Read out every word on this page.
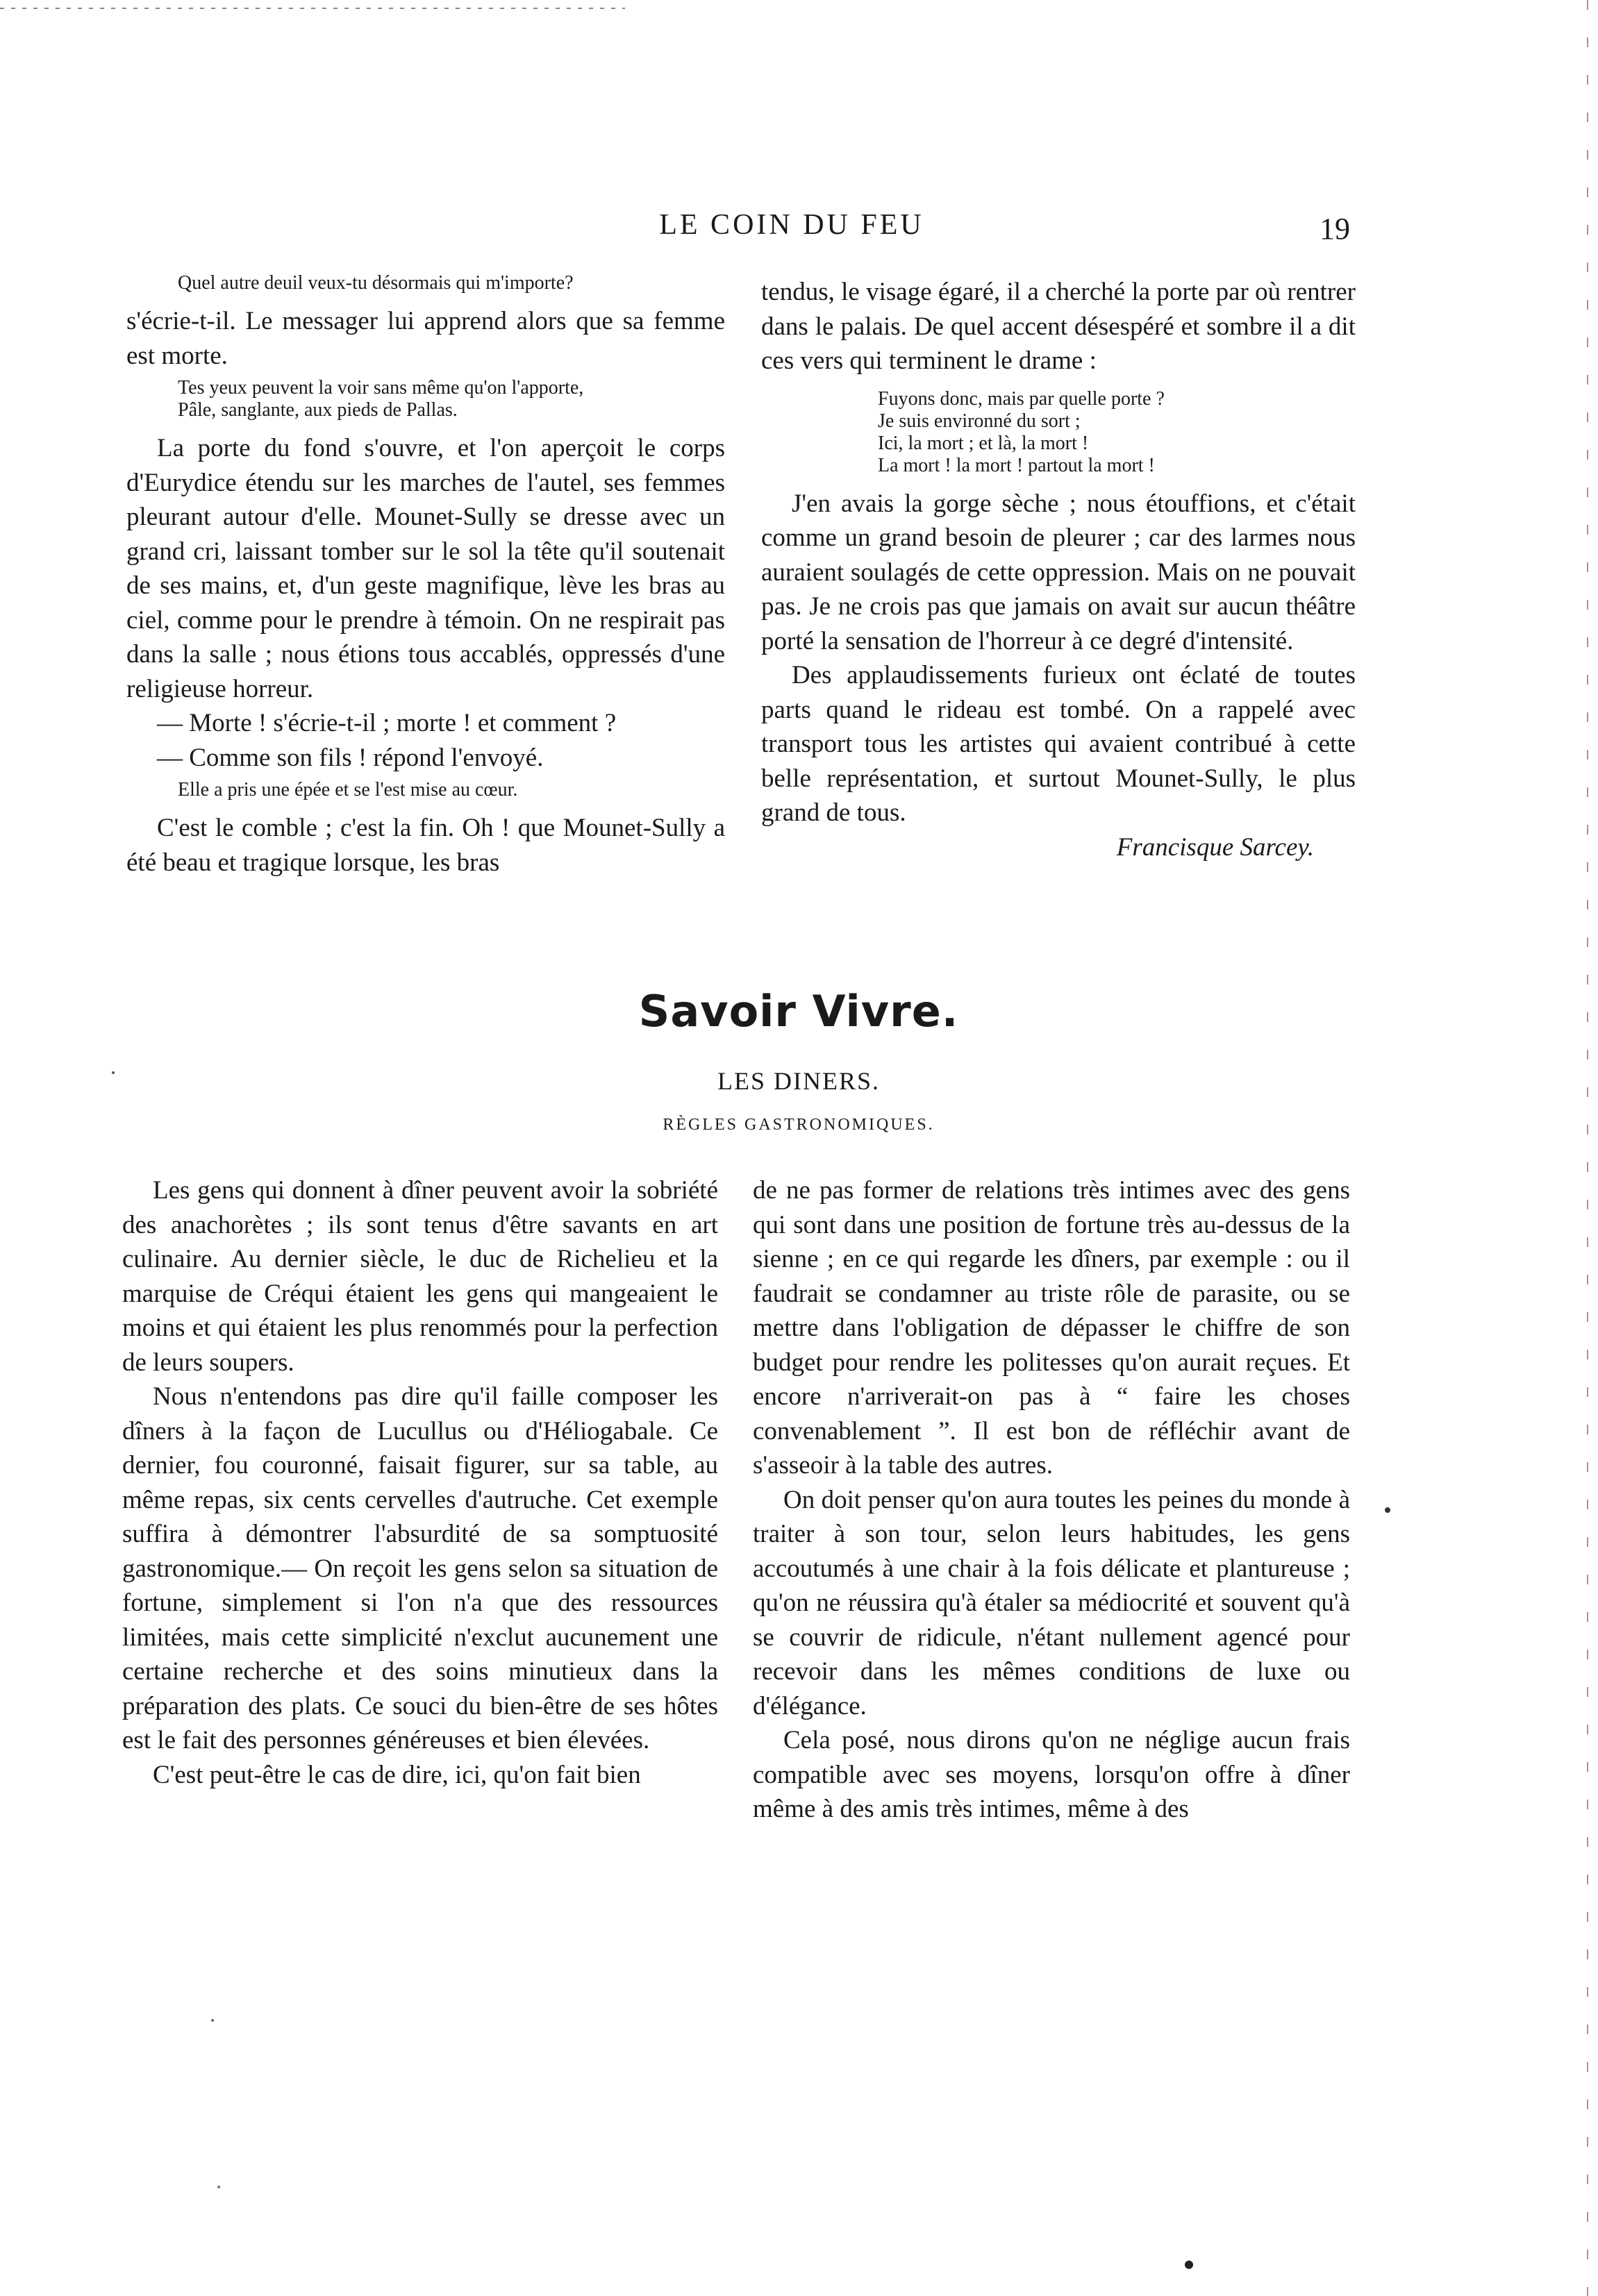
LE COIN DU FEU	19
Quel autre deuil veux-tu désormais qui m'importe?

s'écrie-t-il. Le messager lui apprend alors que sa femme est morte.

Tes yeux peuvent la voir sans même qu'on l'apporte,
Pâle, sanglante, aux pieds de Pallas.

La porte du fond s'ouvre, et l'on aperçoit le corps d'Eurydice étendu sur les marches de l'autel, ses femmes pleurant autour d'elle. Mounet-Sully se dresse avec un grand cri, laissant tomber sur le sol la tête qu'il soutenait de ses mains, et, d'un geste magnifique, lève les bras au ciel, comme pour le prendre à témoin. On ne respirait pas dans la salle ; nous étions tous accablés, oppressés d'une religieuse horreur.

— Morte ! s'écrie-t-il ; morte ! et comment ?

— Comme son fils ! répond l'envoyé.

Elle a pris une épée et se l'est mise au cœur.

C'est le comble ; c'est la fin. Oh ! que Mounet-Sully a été beau et tragique lorsque, les bras

tendus, le visage égaré, il a cherché la porte par où rentrer dans le palais. De quel accent désespéré et sombre il a dit ces vers qui terminent le drame :

Fuyons donc, mais par quelle porte ?
Je suis environné du sort ;
Ici, la mort ; et là, la mort !
La mort ! la mort ! partout la mort !

J'en avais la gorge sèche ; nous étouffions, et c'était comme un grand besoin de pleurer ; car des larmes nous auraient soulagés de cette oppression. Mais on ne pouvait pas. Je ne crois pas que jamais on avait sur aucun théâtre porté la sensation de l'horreur à ce degré d'intensité.

Des applaudissements furieux ont éclaté de toutes parts quand le rideau est tombé. On a rappelé avec transport tous les artistes qui avaient contribué à cette belle représentation, et surtout Mounet-Sully, le plus grand de tous.

Francisque Sarcey.

Savoir Vivre.
LES DINERS.
RÈGLES GASTRONOMIQUES.

Les gens qui donnent à dîner peuvent avoir la sobriété des anachorètes ; ils sont tenus d'être savants en art culinaire. Au dernier siècle, le duc de Richelieu et la marquise de Créqui étaient les gens qui mangeaient le moins et qui étaient les plus renommés pour la perfection de leurs soupers.

Nous n'entendons pas dire qu'il faille composer les dîners à la façon de Lucullus ou d'Héliogabale. Ce dernier, fou couronné, faisait figurer, sur sa table, au même repas, six cents cervelles d'autruche. Cet exemple suffira à démontrer l'absurdité de sa somptuosité gastronomique.— On reçoit les gens selon sa situation de fortune, simplement si l'on n'a que des ressources limitées, mais cette simplicité n'exclut aucunement une certaine recherche et des soins minutieux dans la préparation des plats. Ce souci du bien-être de ses hôtes est le fait des personnes généreuses et bien élevées.

C'est peut-être le cas de dire, ici, qu'on fait bien

de ne pas former de relations très intimes avec des gens qui sont dans une position de fortune très au-dessus de la sienne ; en ce qui regarde les dîners, par exemple : ou il faudrait se condamner au triste rôle de parasite, ou se mettre dans l'obligation de dépasser le chiffre de son budget pour rendre les politesses qu'on aurait reçues. Et encore n'arriverait-on pas à “ faire les choses convenablement ”. Il est bon de réfléchir avant de s'asseoir à la table des autres.

On doit penser qu'on aura toutes les peines du monde à traiter à son tour, selon leurs habitudes, les gens accoutumés à une chair à la fois délicate et plantureuse ; qu'on ne réussira qu'à étaler sa médiocrité et souvent qu'à se couvrir de ridicule, n'étant nullement agencé pour recevoir dans les mêmes conditions de luxe ou d'élégance.

Cela posé, nous dirons qu'on ne néglige aucun frais compatible avec ses moyens, lorsqu'on offre à dîner même à des amis très intimes, même à des
